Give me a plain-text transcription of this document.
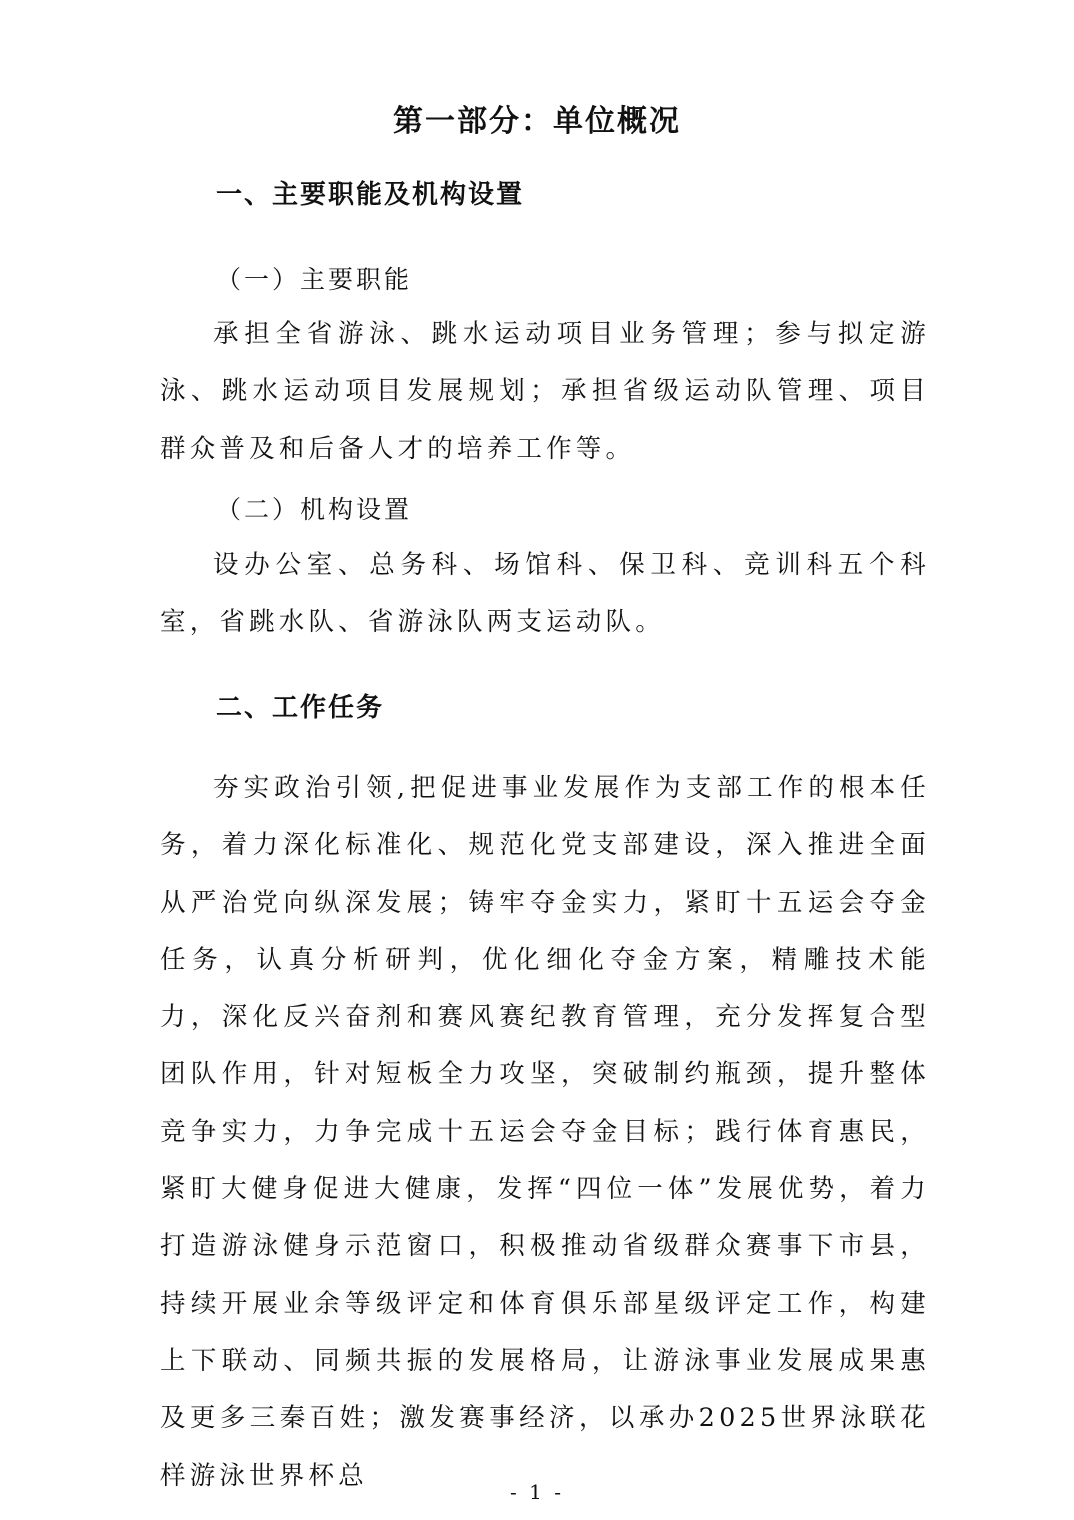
第一部分：单位概况
一、主要职能及机构设置
（一）主要职能
承担全省游泳、跳水运动项目业务管理；参与拟定游泳、跳水运动项目发展规划；承担省级运动队管理、项目群众普及和后备人才的培养工作等。
（二）机构设置
设办公室、总务科、场馆科、保卫科、竞训科五个科室，省跳水队、省游泳队两支运动队。
二、工作任务
夯实政治引领,把促进事业发展作为支部工作的根本任务，着力深化标准化、规范化党支部建设，深入推进全面从严治党向纵深发展；铸牢夺金实力，紧盯十五运会夺金任务，认真分析研判，优化细化夺金方案，精雕技术能力，深化反兴奋剂和赛风赛纪教育管理，充分发挥复合型团队作用，针对短板全力攻坚，突破制约瓶颈，提升整体竞争实力，力争完成十五运会夺金目标；践行体育惠民，紧盯大健身促进大健康，发挥“四位一体”发展优势，着力打造游泳健身示范窗口，积极推动省级群众赛事下市县，持续开展业余等级评定和体育俱乐部星级评定工作，构建上下联动、同频共振的发展格局，让游泳事业发展成果惠及更多三秦百姓；激发赛事经济，以承办2025世界泳联花样游泳世界杯总
- 1 -
